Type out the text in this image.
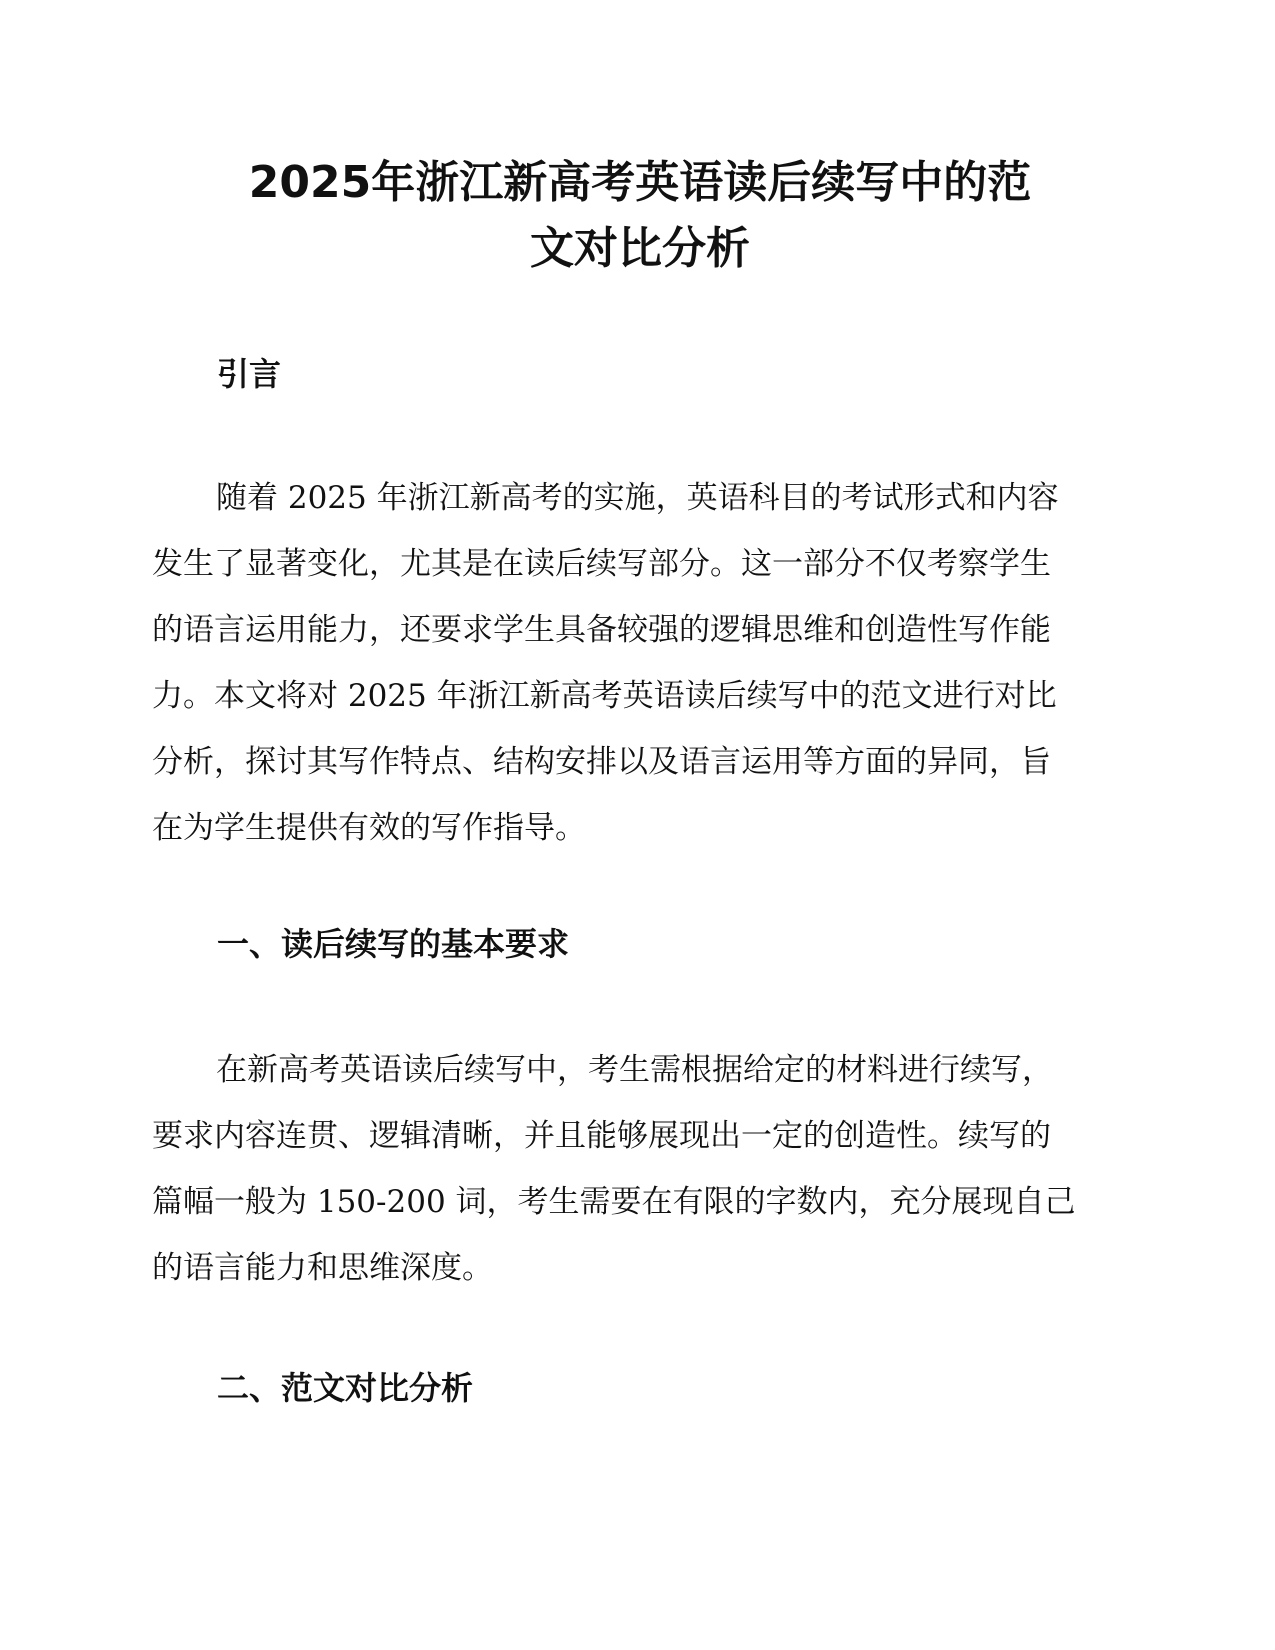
2025年浙江新高考英语读后续写中的范
文对比分析
引言
随着 2025 年浙江新高考的实施，英语科目的考试形式和内容
发生了显著变化，尤其是在读后续写部分。这一部分不仅考察学生
的语言运用能力，还要求学生具备较强的逻辑思维和创造性写作能
力。本文将对 2025 年浙江新高考英语读后续写中的范文进行对比
分析，探讨其写作特点、结构安排以及语言运用等方面的异同，旨
在为学生提供有效的写作指导。
一、读后续写的基本要求
在新高考英语读后续写中，考生需根据给定的材料进行续写，
要求内容连贯、逻辑清晰，并且能够展现出一定的创造性。续写的
篇幅一般为 150-200 词，考生需要在有限的字数内，充分展现自己
的语言能力和思维深度。
二、范文对比分析
